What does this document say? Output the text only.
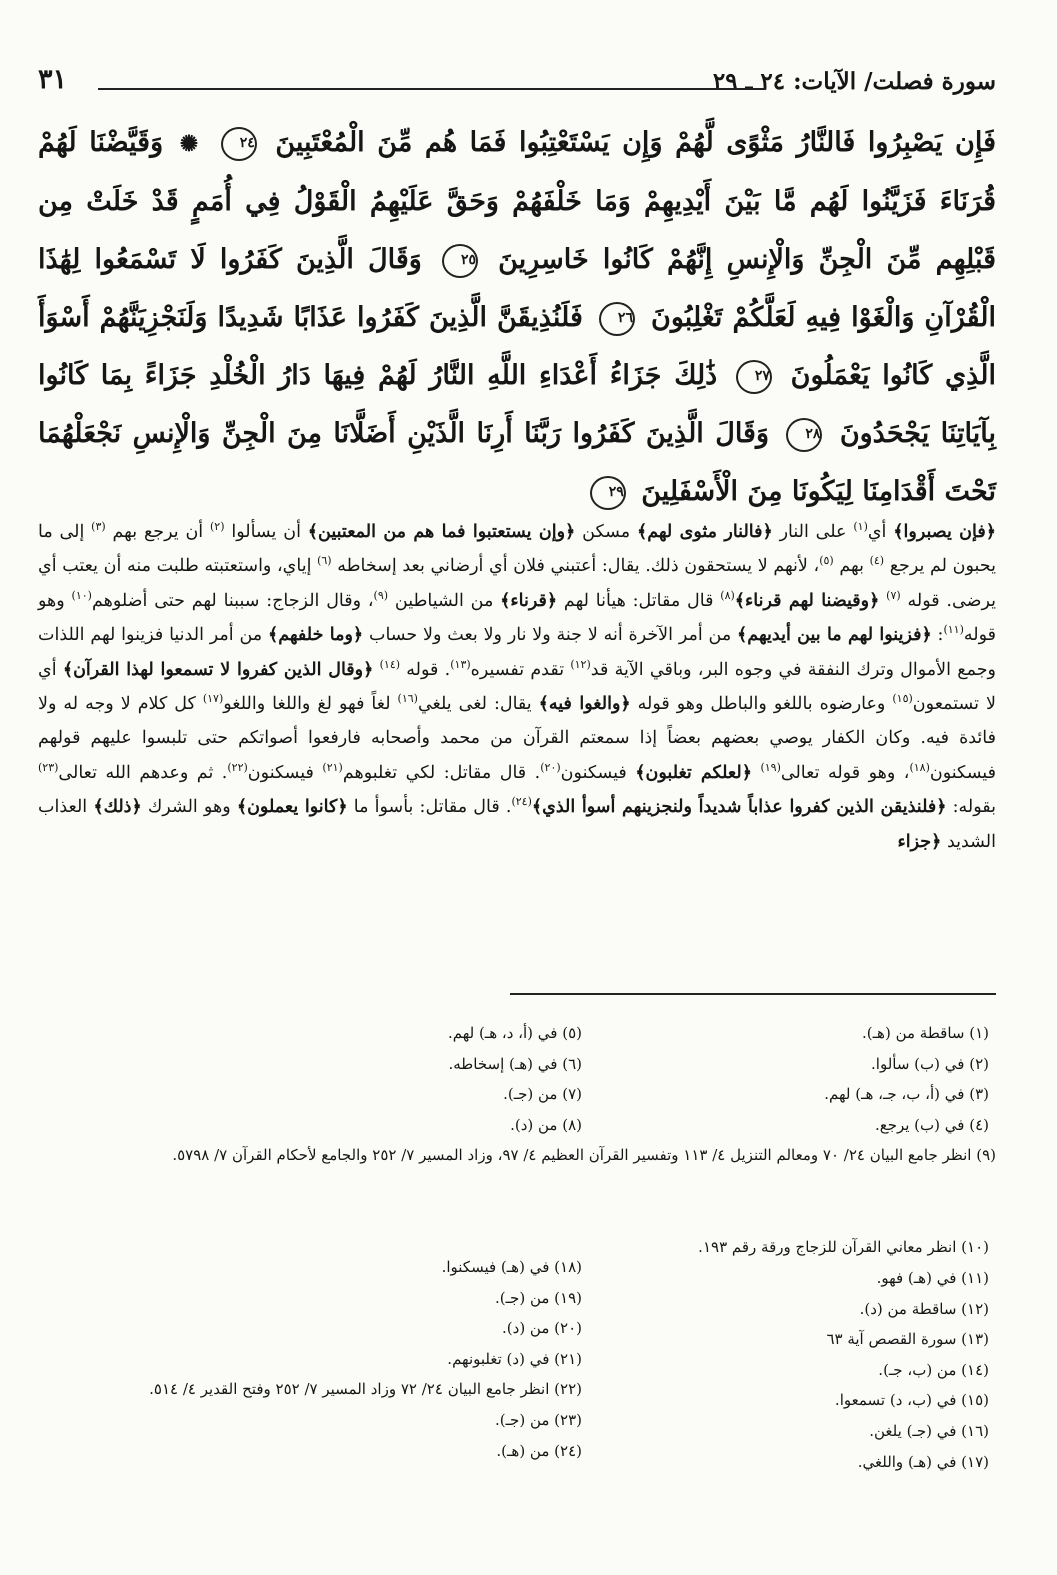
سورة فصلت/ الآيات: ٢٤ ـ ٢٩
٣١
فَإِن يَصْبِرُوا فَالنَّارُ مَثْوًى لَّهُمْ وَإِن يَسْتَعْتِبُوا فَمَا هُم مِّنَ الْمُعْتَبِينَ ٢٤ ✺ وَقَيَّضْنَا لَهُمْ قُرَنَاءَ فَزَيَّنُوا لَهُم مَّا بَيْنَ أَيْدِيهِمْ وَمَا خَلْفَهُمْ وَحَقَّ عَلَيْهِمُ الْقَوْلُ فِي أُمَمٍ قَدْ خَلَتْ مِن قَبْلِهِم مِّنَ الْجِنِّ وَالْإِنسِ إِنَّهُمْ كَانُوا خَاسِرِينَ ٢٥ وَقَالَ الَّذِينَ كَفَرُوا لَا تَسْمَعُوا لِهَٰذَا الْقُرْآنِ وَالْغَوْا فِيهِ لَعَلَّكُمْ تَغْلِبُونَ ٢٦ فَلَنُذِيقَنَّ الَّذِينَ كَفَرُوا عَذَابًا شَدِيدًا وَلَنَجْزِيَنَّهُمْ أَسْوَأَ الَّذِي كَانُوا يَعْمَلُونَ ٢٧ ذَٰلِكَ جَزَاءُ أَعْدَاءِ اللَّهِ النَّارُ لَهُمْ فِيهَا دَارُ الْخُلْدِ جَزَاءً بِمَا كَانُوا بِآيَاتِنَا يَجْحَدُونَ ٢٨ وَقَالَ الَّذِينَ كَفَرُوا رَبَّنَا أَرِنَا الَّذَيْنِ أَضَلَّانَا مِنَ الْجِنِّ وَالْإِنسِ نَجْعَلْهُمَا تَحْتَ أَقْدَامِنَا لِيَكُونَا مِنَ الْأَسْفَلِينَ ٢٩
﴿فإن يصبروا﴾ أي$^{(١)}$ على النار ﴿فالنار مثوى لهم﴾ مسكن ﴿وإن يستعتبوا فما هم من المعتبين﴾ أن يسألوا $^{(٢)}$ أن يرجع بهم $^{(٣)}$ إلى ما يحبون لم يرجع $^{(٤)}$ بهم $^{(٥)}$، لأنهم لا يستحقون ذلك. يقال: أعتبني فلان أي أرضاني بعد إسخاطه $^{(٦)}$ إياي، واستعتبته طلبت منه أن يعتب أي يرضى. قوله $^{(٧)}$ ﴿وقيضنا لهم قرناء﴾$^{(٨)}$ قال مقاتل: هيأنا لهم ﴿قرناء﴾ من الشياطين $^{(٩)}$، وقال الزجاج: سببنا لهم حتى أضلوهم$^{(١٠)}$ وهو قوله$^{(١١)}$: ﴿فزينوا لهم ما بين أيديهم﴾ من أمر الآخرة أنه لا جنة ولا نار ولا بعث ولا حساب ﴿وما خلفهم﴾ من أمر الدنيا فزينوا لهم اللذات وجمع الأموال وترك النفقة في وجوه البر، وباقي الآية قد$^{(١٢)}$ تقدم تفسيره$^{(١٣)}$. قوله $^{(١٤)}$ ﴿وقال الذين كفروا لا تسمعوا لهذا القرآن﴾ أي لا تستمعون$^{(١٥)}$ وعارضوه باللغو والباطل وهو قوله ﴿والغوا فيه﴾ يقال: لغى يلغي$^{(١٦)}$ لغاً فهو لغ واللغا واللغو$^{(١٧)}$ كل كلام لا وجه له ولا فائدة فيه. وكان الكفار يوصي بعضهم بعضاً إذا سمعتم القرآن من محمد وأصحابه فارفعوا أصواتكم حتى تلبسوا عليهم قولهم فيسكنون$^{(١٨)}$، وهو قوله تعالى$^{(١٩)}$ ﴿لعلكم تغلبون﴾ فيسكنون$^{(٢٠)}$. قال مقاتل: لكي تغلبوهم$^{(٢١)}$ فيسكنون$^{(٢٢)}$. ثم وعدهم الله تعالى$^{(٢٣)}$ بقوله: ﴿فلنذيقن الذين كفروا عذاباً شديداً ولنجزينهم أسوأ الذي﴾$^{(٢٤)}$. قال مقاتل: بأسوأ ما ﴿كانوا يعملون﴾ وهو الشرك ﴿ذلك﴾ العذاب الشديد ﴿جزاء
(١) ساقطة من (هـ).
(٢) في (ب) سألوا.
(٣) في (أ، ب، جـ، هـ) لهم.
(٤) في (ب) يرجع.
(٥) في (أ، د، هـ) لهم.
(٦) في (هـ) إسخاطه.
(٧) من (جـ).
(٨) من (د).
(٩) انظر جامع البيان ٢٤/ ٧٠ ومعالم التنزيل ٤/ ١١٣ وتفسير القرآن العظيم ٤/ ٩٧، وزاد المسير ٧/ ٢٥٢ والجامع لأحكام القرآن ٧/ ٥٧٩٨.
(١٠) انظر معاني القرآن للزجاج ورقة رقم ١٩٣.
(١١) في (هـ) فهو.
(١٢) ساقطة من (د).
(١٣) سورة القصص آية ٦٣
(١٤) من (ب، جـ).
(١٥) في (ب، د) تسمعوا.
(١٦) في (جـ) يلغن.
(١٧) في (هـ) واللغي.
(١٨) في (هـ) فيسكنوا.
(١٩) من (جـ).
(٢٠) من (د).
(٢١) في (د) تغلبونهم.
(٢٢) انظر جامع البيان ٢٤/ ٧٢ وزاد المسير ٧/ ٢٥٢ وفتح القدير ٤/ ٥١٤.
(٢٣) من (جـ).
(٢٤) من (هـ).
